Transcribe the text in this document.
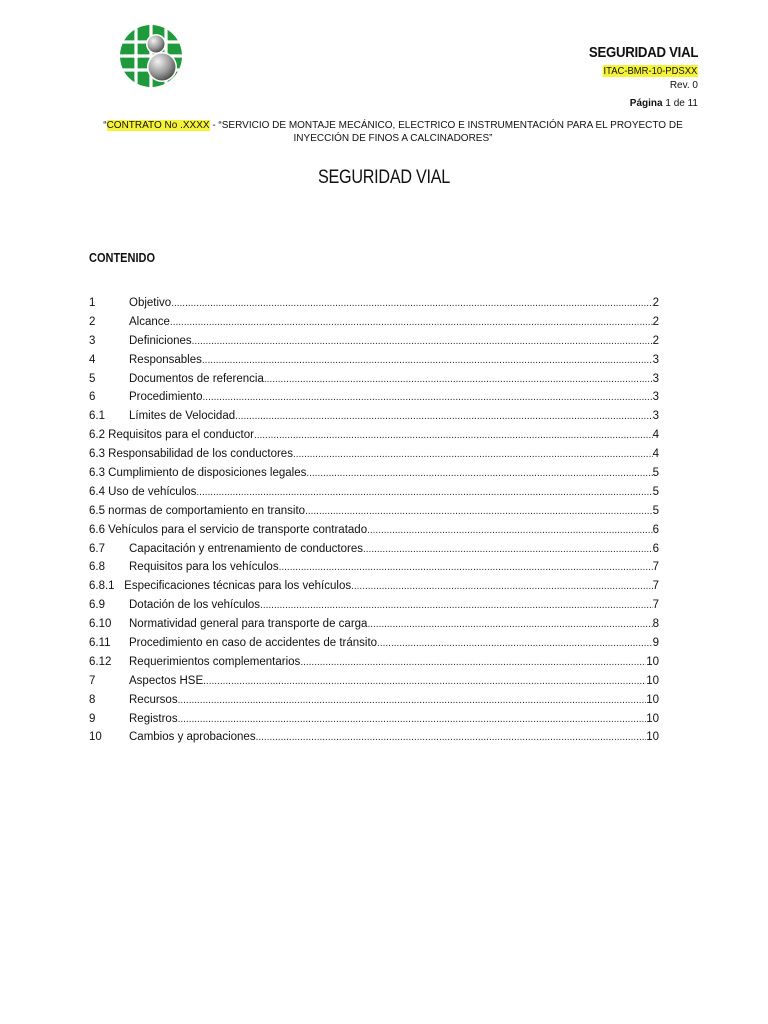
SEGURIDAD VIAL
ITAC-BMR-10-PDSXX
Rev. 0
Página 1 de 11
“CONTRATO No .XXXX - “SERVICIO DE MONTAJE MECÁNICO, ELECTRICO E INSTRUMENTACIÓN PARA EL PROYECTO DE INYECCIÓN DE FINOS A CALCINADORES”
SEGURIDAD VIAL
CONTENIDO
1	Objetivo .....	2
2	Alcance .....	2
3	Definiciones .....	2
4	Responsables .....	3
5	Documentos de referencia .....	3
6	Procedimiento .....	3
6.1	Límites de Velocidad .....	3
6.2 Requisitos para el conductor .....	4
6.3 Responsabilidad de los conductores .....	4
6.3 Cumplimiento de disposiciones legales .....	5
6.4 Uso de vehículos .....	5
6.5 normas de comportamiento en transito .....	5
6.6 Vehículos para el servicio de transporte contratado .....	6
6.7	Capacitación y entrenamiento de conductores .....	6
6.8	Requisitos para los vehículos .....	7
6.8.1   Especificaciones técnicas para los vehículos .....	7
6.9	Dotación de los vehículos .....	7
6.10	Normatividad general para transporte de carga .....	8
6.11	Procedimiento en caso de accidentes de tránsito .....	9
6.12	Requerimientos complementarios .....	10
7	Aspectos HSE .....	10
8	Recursos .....	10
9	Registros .....	10
10	Cambios y aprobaciones .....	10
